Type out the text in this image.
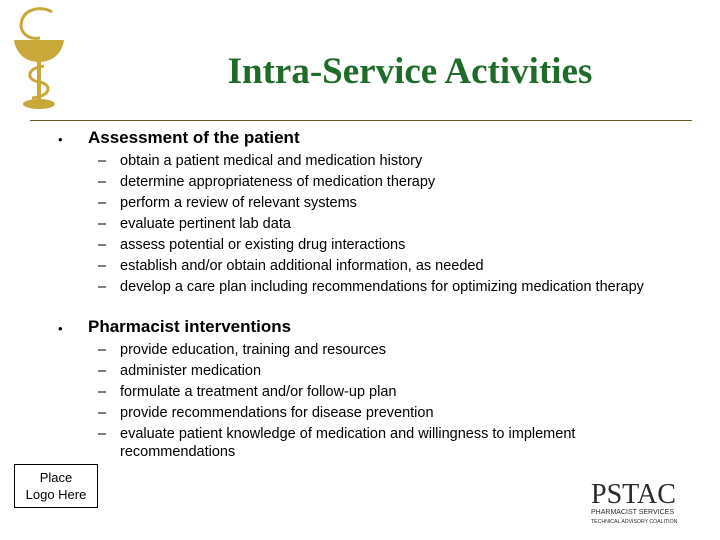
Intra-Service Activities
• Assessment of the patient
– obtain a patient medical and medication history
– determine appropriateness of medication therapy
– perform a review of relevant systems
– evaluate pertinent lab data
– assess potential or existing drug interactions
– establish and/or obtain additional information, as needed
– develop a care plan including recommendations for optimizing medication therapy
• Pharmacist interventions
– provide education, training and resources
– administer medication
– formulate a treatment and/or follow-up plan
– provide recommendations for disease prevention
– evaluate patient knowledge of medication and willingness to implement recommendations
Place
Logo Here	PSTAC
PHARMACIST SERVICES
TECHNICAL ADVISORY COALITION
